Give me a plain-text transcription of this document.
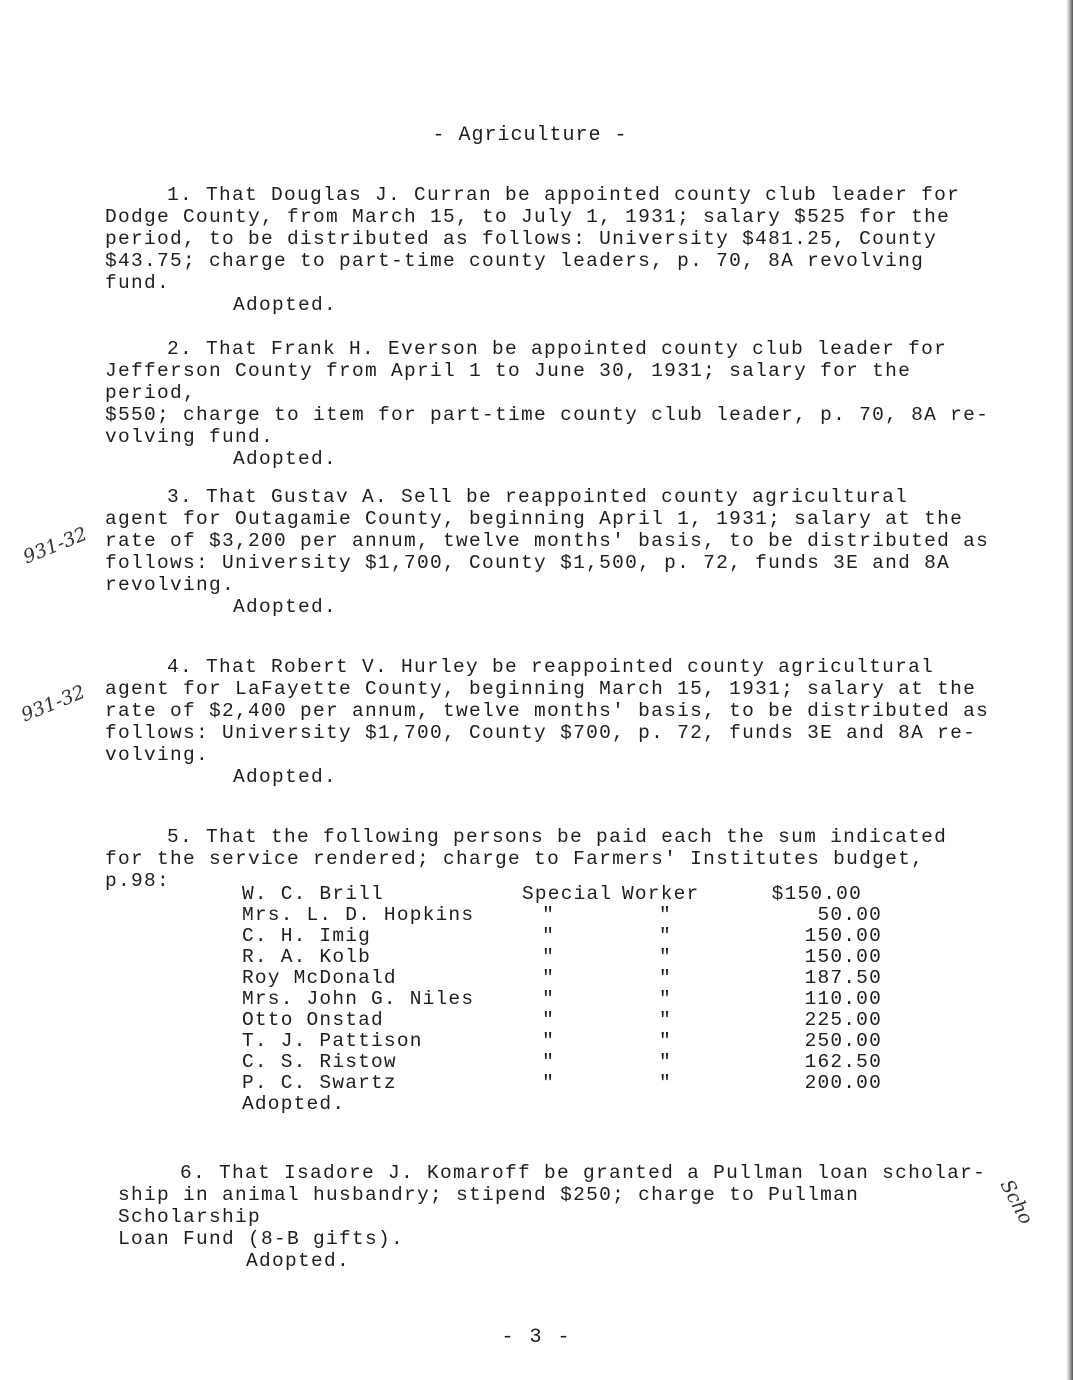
- Agriculture -

1. That Douglas J. Curran be appointed county club leader for

Dodge County, from March 15, to July 1, 1931; salary $525 for the

period, to be distributed as follows: University $481.25, County

$43.75; charge to part-time county leaders, p. 70, 8A revolving fund.

Adopted.

2. That Frank H. Everson be appointed county club leader for

Jefferson County from April 1 to June 30, 1931; salary for the period,

$550; charge to item for part-time county club leader, p. 70, 8A re-

volving fund.

Adopted.

3. That Gustav A. Sell be reappointed county agricultural

agent for Outagamie County, beginning April 1, 1931; salary at the

rate of $3,200 per annum, twelve months' basis, to be distributed as

follows: University $1,700, County $1,500, p. 72, funds 3E and 8A

revolving.

Adopted.

4. That Robert V. Hurley be reappointed county agricultural

agent for LaFayette County, beginning March 15, 1931; salary at the

rate of $2,400 per annum, twelve months' basis, to be distributed as

follows: University $1,700, County $700, p. 72, funds 3E and 8A re-

volving.

Adopted.

5. That the following persons be paid each the sum indicated

for the service rendered; charge to Farmers' Institutes budget, p.98:

W. C. Brill	Special Worker	$150.00
Mrs. L. D. Hopkins	"	"	50.00
C. H. Imig	"	"	150.00
R. A. Kolb	"	"	150.00
Roy McDonald	"	"	187.50
Mrs. John G. Niles	"	"	110.00
Otto Onstad	"	"	225.00
T. J. Pattison	"	"	250.00
C. S. Ristow	"	"	162.50
P. C. Swartz	"	"	200.00
Adopted.

6. That Isadore J. Komaroff be granted a Pullman loan scholar-

ship in animal husbandry; stipend $250; charge to Pullman Scholarship

Loan Fund (8-B gifts).

Adopted.

931-32
931-32
Scho
- 3 -
